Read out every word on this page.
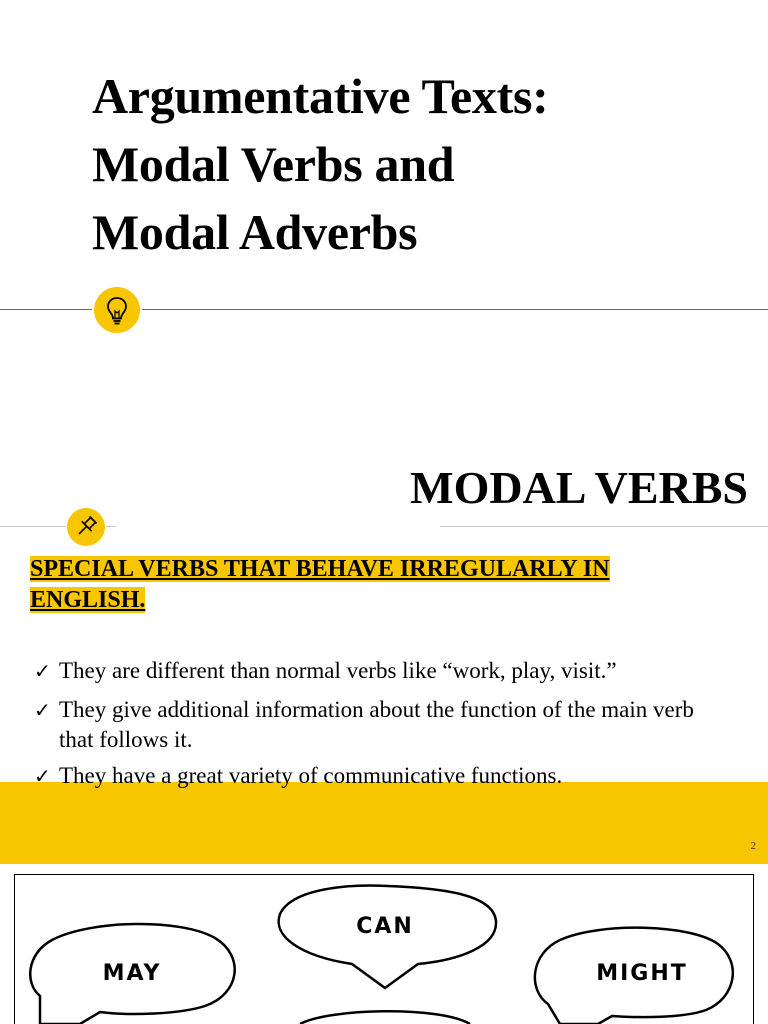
Argumentative Texts:
Modal Verbs and
Modal Adverbs
MODAL VERBS

SPECIAL VERBS THAT BEHAVE IRREGULARLY IN ENGLISH.

✓ They are different than normal verbs like “work, play, visit.”
✓ They give additional information about the function of the main verb that follows it.
✓ They have a great variety of communicative functions.
2
MAY
CAN
MIGHT
